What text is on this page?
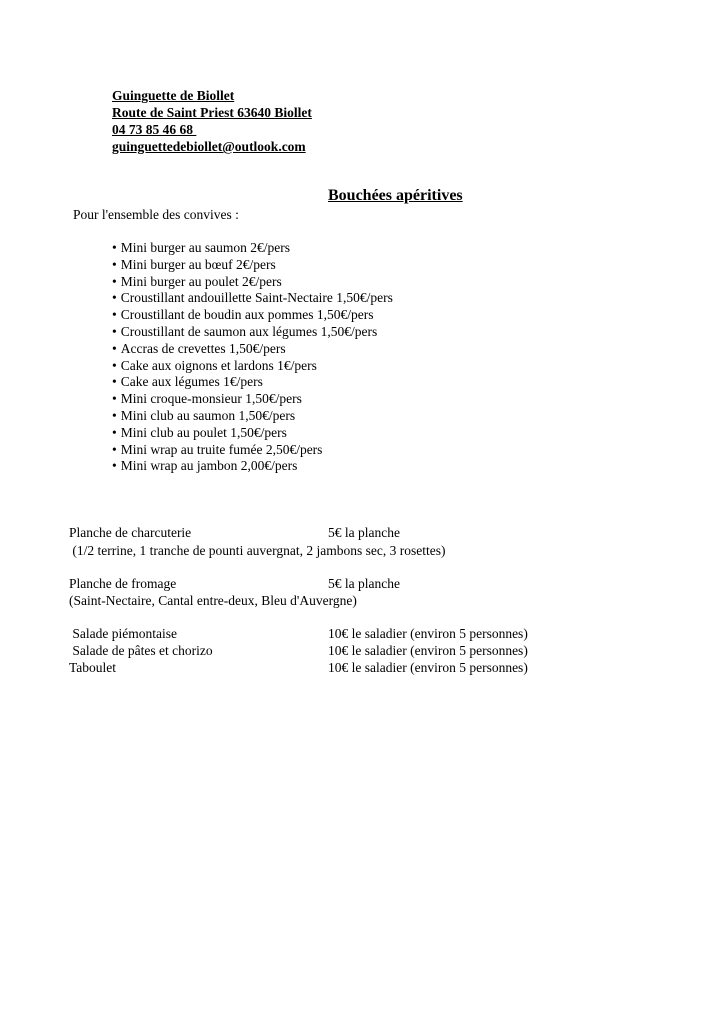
Guinguette de Biollet
Route de Saint Priest 63640 Biollet
04 73 85 46 68
guinguettedebiollet@outlook.com
Bouchées apéritives
Pour l'ensemble des convives :
• Mini burger au saumon 2€/pers
• Mini burger au bœuf 2€/pers
• Mini burger au poulet 2€/pers
• Croustillant andouillette Saint-Nectaire 1,50€/pers
• Croustillant de boudin aux pommes 1,50€/pers
• Croustillant de saumon aux légumes 1,50€/pers
• Accras de crevettes 1,50€/pers
• Cake aux oignons et lardons 1€/pers
• Cake aux légumes 1€/pers
• Mini croque-monsieur 1,50€/pers
• Mini club au saumon 1,50€/pers
• Mini club au poulet 1,50€/pers
• Mini wrap au truite fumée 2,50€/pers
• Mini wrap au jambon 2,00€/pers
Planche de charcuterie	5€ la planche
(1/2 terrine, 1 tranche de pounti auvergnat, 2 jambons sec, 3 rosettes)
Planche de fromage	5€ la planche
(Saint-Nectaire, Cantal entre-deux, Bleu d'Auvergne)
Salade piémontaise	10€ le saladier (environ 5 personnes)
Salade de pâtes et chorizo	10€ le saladier (environ 5 personnes)
Taboulet	10€ le saladier (environ 5 personnes)
